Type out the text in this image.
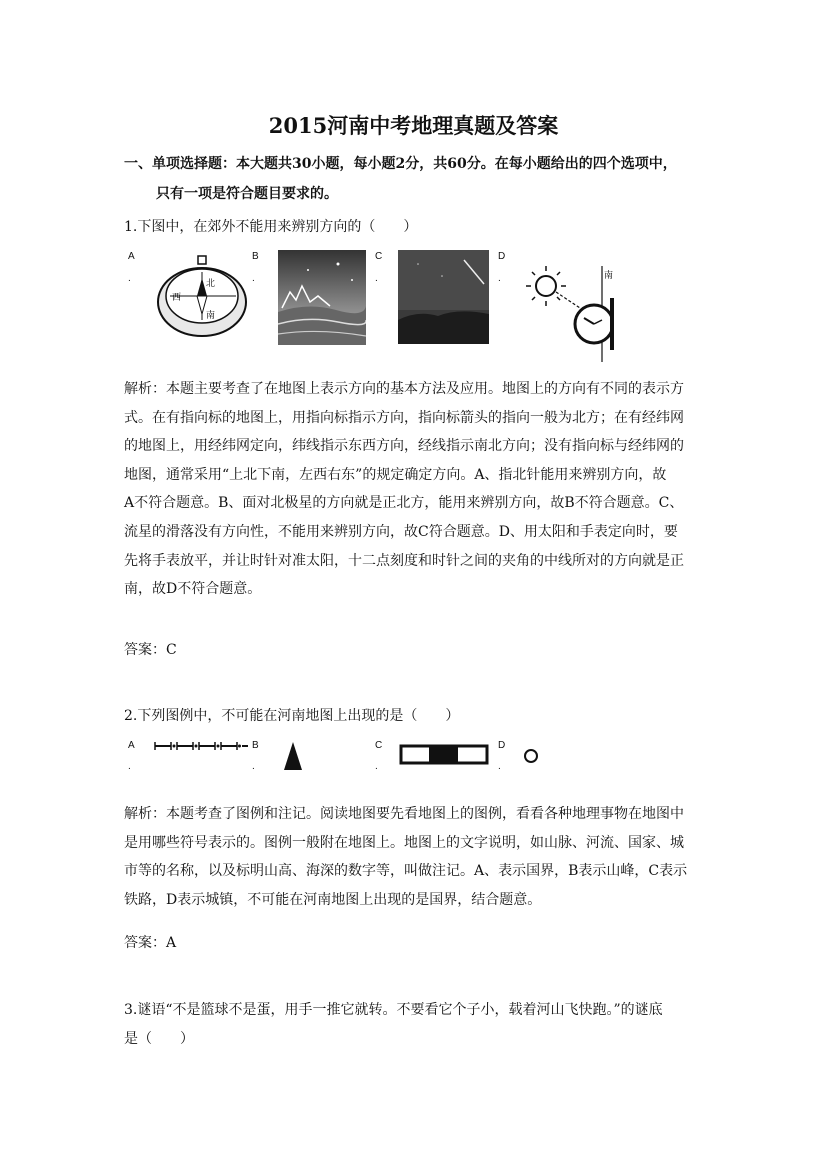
2015河南中考地理真题及答案
一、单项选择题：本大题共30小题，每小题2分，共60分。在每小题给出的四个选项中，
只有一项是符合题目要求的。
1.下图中，在郊外不能用来辨别方向的（　　）
A
.	北
南
西
B
.
C
.
D
.	南
解析：本题主要考查了在地图上表示方向的基本方法及应用。地图上的方向有不同的表示方
式。在有指向标的地图上，用指向标指示方向，指向标箭头的指向一般为北方；在有经纬网
的地图上，用经纬网定向，纬线指示东西方向，经线指示南北方向；没有指向标与经纬网的
地图，通常采用“上北下南，左西右东”的规定确定方向。A、指北针能用来辨别方向，故
A不符合题意。B、面对北极星的方向就是正北方，能用来辨别方向，故B不符合题意。C、
流星的滑落没有方向性，不能用来辨别方向，故C符合题意。D、用太阳和手表定向时，要
先将手表放平，并让时针对准太阳，十二点刻度和时针之间的夹角的中线所对的方向就是正
南，故D不符合题意。
答案：C
2.下列图例中，不可能在河南地图上出现的是（　　）
A
.
B
.
C
.
D
.
解析：本题考查了图例和注记。阅读地图要先看地图上的图例，看看各种地理事物在地图中
是用哪些符号表示的。图例一般附在地图上。地图上的文字说明，如山脉、河流、国家、城
市等的名称，以及标明山高、海深的数字等，叫做注记。A、表示国界，B表示山峰，C表示
铁路，D表示城镇，不可能在河南地图上出现的是国界，结合题意。
答案：A
3.谜语“不是篮球不是蛋，用手一推它就转。不要看它个子小，载着河山飞快跑。”的谜底
是（　　）
